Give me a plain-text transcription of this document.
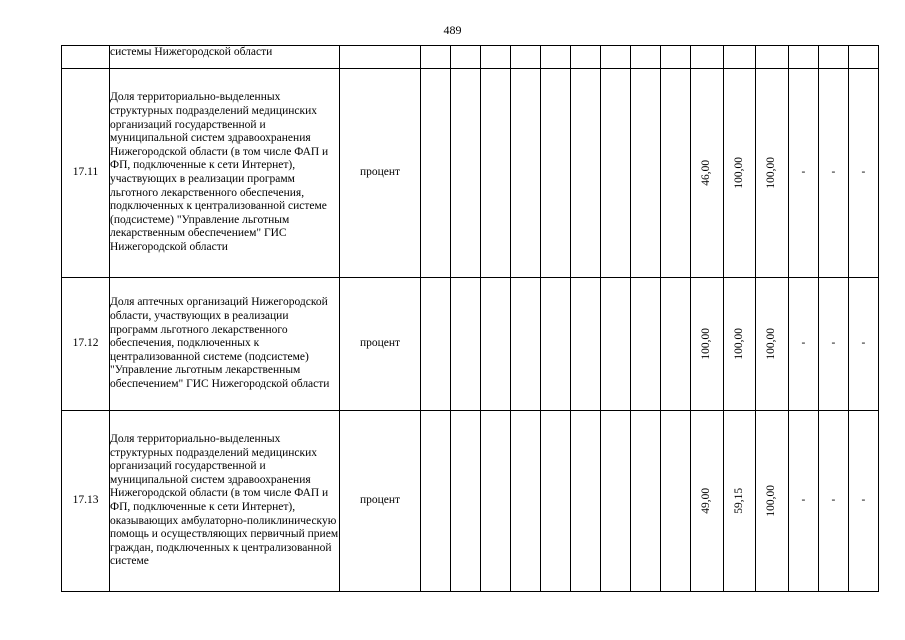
489
	системы Нижегородской области																
17.11	Доля территориально-выделенных структурных подразделений медицинских организаций государственной и муниципальной систем здравоохранения Нижегородской области (в том числе ФАП и ФП, подключенные к сети Интернет), участвующих в реализации программ льготного лекарственного обеспечения, подключенных к централизованной системе (подсистеме) "Управление льготным лекарственным обеспечением" ГИС Нижегородской области	процент										46,00	100,00	100,00	-	-	-
17.12	Доля аптечных организаций Нижегородской области, участвующих в реализации программ льготного лекарственного обеспечения, подключенных к централизованной системе (подсистеме) "Управление льготным лекарственным обеспечением" ГИС Нижегородской области	процент										100,00	100,00	100,00	-	-	-
17.13	Доля территориально-выделенных структурных подразделений медицинских организаций государственной и муниципальной систем здравоохранения Нижегородской области (в том числе ФАП и ФП, подключенные к сети Интернет), оказывающих амбулаторно-поликлиническую помощь и осуществляющих первичный прием граждан, подключенных к централизованной системе	процент										49,00	59,15	100,00	-	-	-
